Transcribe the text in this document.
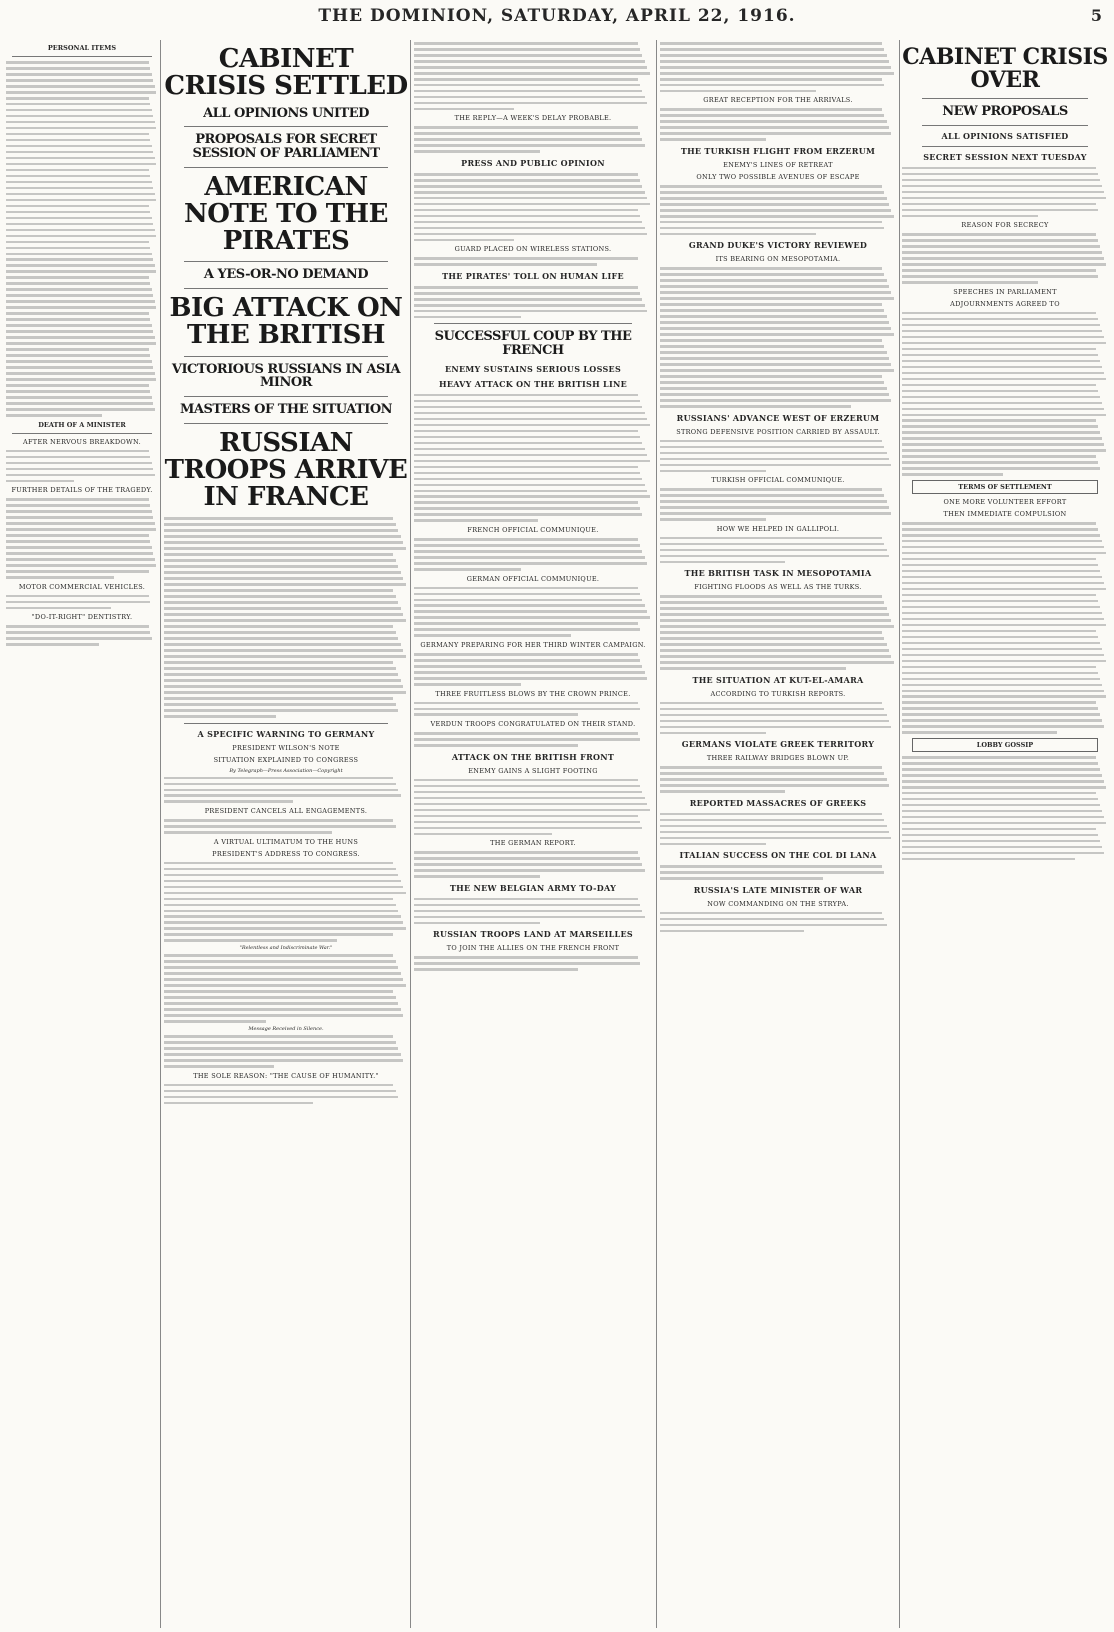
THE DOMINION, SATURDAY, APRIL 22, 1916.	5
PERSONAL ITEMS
DEATH OF A MINISTER
AFTER NERVOUS BREAKDOWN.
FURTHER DETAILS OF THE TRAGEDY.
MOTOR COMMERCIAL VEHICLES.
"DO-IT-RIGHT" DENTISTRY.
CABINET CRISIS SETTLED
ALL OPINIONS UNITED
PROPOSALS FOR SECRET SESSION OF PARLIAMENT
AMERICAN NOTE TO THE PIRATES
A YES-OR-NO DEMAND
BIG ATTACK ON THE BRITISH
VICTORIOUS RUSSIANS IN ASIA MINOR
MASTERS OF THE SITUATION
RUSSIAN TROOPS ARRIVE IN FRANCE
A SPECIFIC WARNING TO GERMANY
PRESIDENT WILSON'S NOTE
SITUATION EXPLAINED TO CONGRESS
By Telegraph—Press Association—Copyright
PRESIDENT CANCELS ALL ENGAGEMENTS.
A VIRTUAL ULTIMATUM TO THE HUNS
PRESIDENT'S ADDRESS TO CONGRESS.
"Relentless and Indiscriminate War."
Message Received in Silence.
THE SOLE REASON: "THE CAUSE OF HUMANITY."
THE REPLY—A WEEK'S DELAY PROBABLE.
PRESS AND PUBLIC OPINION
GUARD PLACED ON WIRELESS STATIONS.
THE PIRATES' TOLL ON HUMAN LIFE
SUCCESSFUL COUP BY THE FRENCH
ENEMY SUSTAINS SERIOUS LOSSES
HEAVY ATTACK ON THE BRITISH LINE
FRENCH OFFICIAL COMMUNIQUE.
GERMAN OFFICIAL COMMUNIQUE.
GERMANY PREPARING FOR HER THIRD WINTER CAMPAIGN.
THREE FRUITLESS BLOWS BY THE CROWN PRINCE.
VERDUN TROOPS CONGRATULATED ON THEIR STAND.
ATTACK ON THE BRITISH FRONT
ENEMY GAINS A SLIGHT FOOTING
THE GERMAN REPORT.
THE NEW BELGIAN ARMY TO-DAY
RUSSIAN TROOPS LAND AT MARSEILLES
TO JOIN THE ALLIES ON THE FRENCH FRONT
GREAT RECEPTION FOR THE ARRIVALS.
THE TURKISH FLIGHT FROM ERZERUM
ENEMY'S LINES OF RETREAT
ONLY TWO POSSIBLE AVENUES OF ESCAPE
GRAND DUKE'S VICTORY REVIEWED
ITS BEARING ON MESOPOTAMIA.
RUSSIANS' ADVANCE WEST OF ERZERUM
STRONG DEFENSIVE POSITION CARRIED BY ASSAULT.
TURKISH OFFICIAL COMMUNIQUE.
HOW WE HELPED IN GALLIPOLI.
THE BRITISH TASK IN MESOPOTAMIA
FIGHTING FLOODS AS WELL AS THE TURKS.
THE SITUATION AT KUT-EL-AMARA
ACCORDING TO TURKISH REPORTS.
GERMANS VIOLATE GREEK TERRITORY
THREE RAILWAY BRIDGES BLOWN UP.
REPORTED MASSACRES OF GREEKS
ITALIAN SUCCESS ON THE COL DI LANA
RUSSIA'S LATE MINISTER OF WAR
NOW COMMANDING ON THE STRYPA.
CABINET CRISIS OVER
NEW PROPOSALS
ALL OPINIONS SATISFIED
SECRET SESSION NEXT TUESDAY
REASON FOR SECRECY
SPEECHES IN PARLIAMENT
ADJOURNMENTS AGREED TO
TERMS OF SETTLEMENT
ONE MORE VOLUNTEER EFFORT
THEN IMMEDIATE COMPULSION
LOBBY GOSSIP
